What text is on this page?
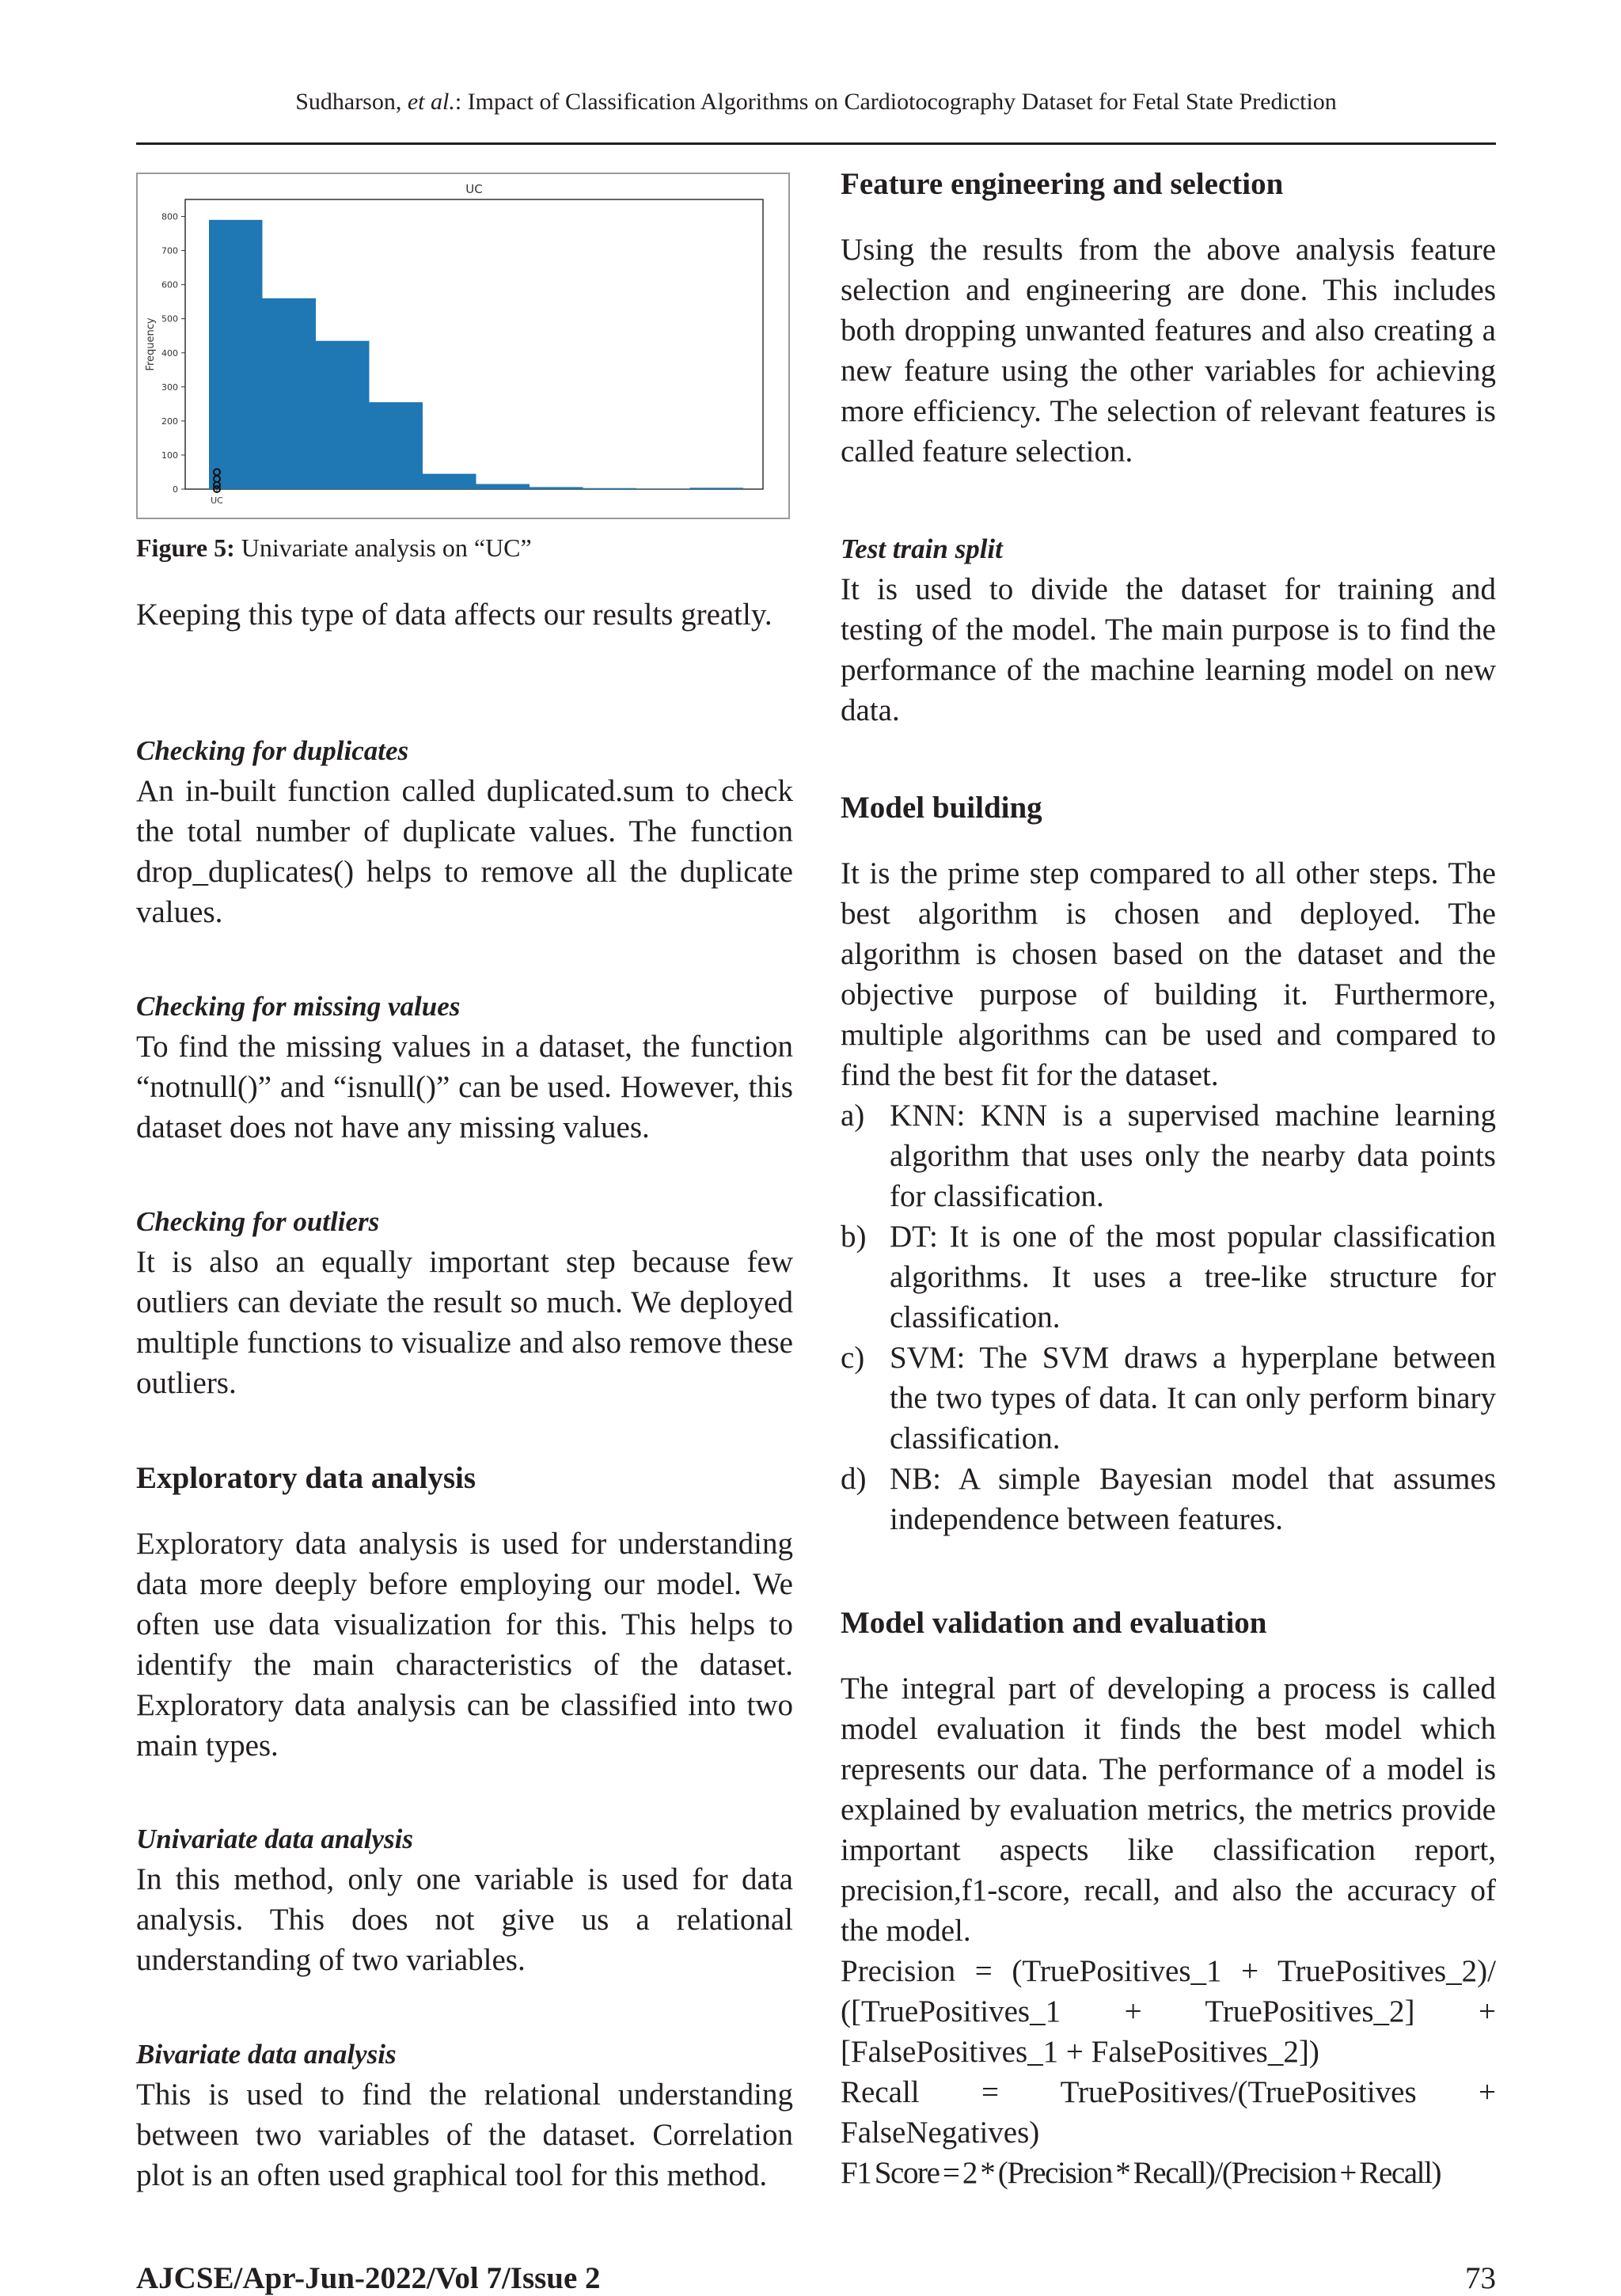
Sudharson, et al.: Impact of Classification Algorithms on Cardiotocography Dataset for Fetal State Prediction
UC
Frequency
0
100
200
300
400
500
600
700
800
UC

Figure 5: Univariate analysis on “UC”

Keeping this type of data affects our results greatly.

Checking for duplicates

An in-built function called duplicated.sum to check the total number of duplicate values. The function drop_duplicates() helps to remove all the duplicate values.

Checking for missing values

To find the missing values in a dataset, the function “notnull()” and “isnull()” can be used. However, this dataset does not have any missing values.

Checking for outliers

It is also an equally important step because few outliers can deviate the result so much. We deployed multiple functions to visualize and also remove these outliers.

Exploratory data analysis

Exploratory data analysis is used for understanding data more deeply before employing our model. We often use data visualization for this. This helps to identify the main characteristics of the dataset. Exploratory data analysis can be classified into two main types.

Univariate data analysis

In this method, only one variable is used for data analysis. This does not give us a relational understanding of two variables.

Bivariate data analysis

This is used to find the relational understanding between two variables of the dataset. Correlation plot is an often used graphical tool for this method.

Feature engineering and selection

Using the results from the above analysis feature selection and engineering are done. This includes both dropping unwanted features and also creating a new feature using the other variables for achieving more efficiency. The selection of relevant features is called feature selection.

Test train split

It is used to divide the dataset for training and testing of the model. The main purpose is to find the performance of the machine learning model on new data.

Model building

It is the prime step compared to all other steps. The best algorithm is chosen and deployed. The algorithm is chosen based on the dataset and the objective purpose of building it. Furthermore, multiple algorithms can be used and compared to find the best fit for the dataset.

a) KNN: KNN is a supervised machine learning algorithm that uses only the nearby data points for classification.

b) DT: It is one of the most popular classification algorithms. It uses a tree-like structure for classification.

c) SVM: The SVM draws a hyperplane between the two types of data. It can only perform binary classification.

d) NB: A simple Bayesian model that assumes independence between features.

Model validation and evaluation

The integral part of developing a process is called model evaluation it finds the best model which represents our data. The performance of a model is explained by evaluation metrics, the metrics provide important aspects like classification report, precision,f1-score, recall, and also the accuracy of the model.

Precision = (TruePositives_1 + TruePositives_2)/

([TruePositives_1 + TruePositives_2] +

[FalsePositives_1 + FalsePositives_2])

Recall = TruePositives/(TruePositives +

FalseNegatives)

F1 Score = 2 * (Precision * Recall)/(Precision + Recall)

AJCSE/Apr-Jun-2022/Vol 7/Issue 2	73
